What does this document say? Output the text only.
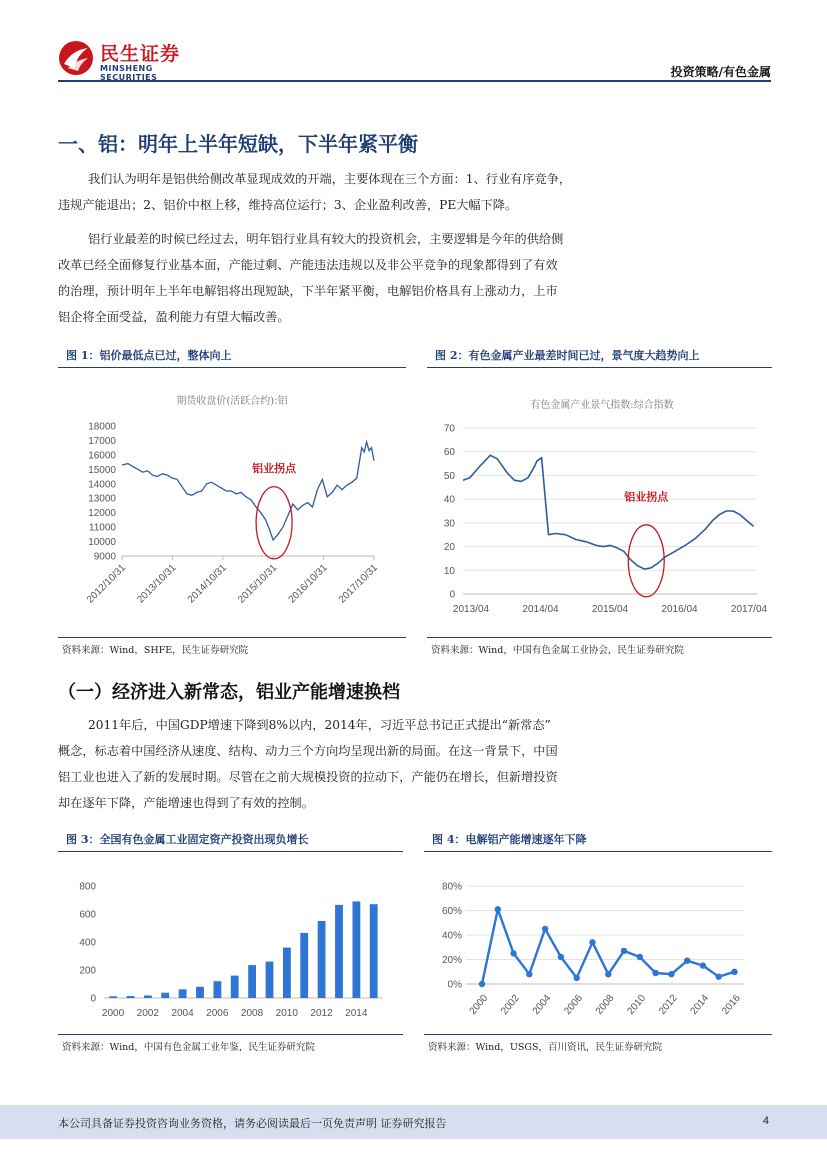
民生证券
MINSHENG SECURITIES	投资策略/有色金属
一、铝：明年上半年短缺，下半年紧平衡
我们认为明年是铝供给侧改革显现成效的开端，主要体现在三个方面：1、行业有序竞争，
违规产能退出；2、铝价中枢上移，维持高位运行；3、企业盈利改善，PE大幅下降。
铝行业最差的时候已经过去，明年铝行业具有较大的投资机会，主要逻辑是今年的供给侧
改革已经全面修复行业基本面，产能过剩、产能违法违规以及非公平竞争的现象都得到了有效
的治理，预计明年上半年电解铝将出现短缺，下半年紧平衡，电解铝价格具有上涨动力，上市
铝企将全面受益，盈利能力有望大幅改善。
图 1：铝价最低点已过，整体向上
期货收盘价(活跃合约):铝
9000
10000
11000
12000
13000
14000
15000
16000
17000
18000
2012/10/31 2013/10/31 2014/10/31 2015/10/31 2016/10/31 2017/10/31
铝业拐点
资料来源：Wind，SHFE，民生证券研究院
图 2：有色金属产业最差时间已过，景气度大趋势向上
有色金属产业景气指数:综合指数
0
10
20
30
40
50
60
70
2013/04	2014/04	2015/04	2016/04	2017/04
铝业拐点
资料来源：Wind，中国有色金属工业协会，民生证券研究院
（一）经济进入新常态，铝业产能增速换档
2011年后，中国GDP增速下降到8%以内，2014年，习近平总书记正式提出“新常态”
概念，标志着中国经济从速度、结构、动力三个方向均呈现出新的局面。在这一背景下，中国
铝工业也进入了新的发展时期。尽管在之前大规模投资的拉动下，产能仍在增长，但新增投资
却在逐年下降，产能增速也得到了有效的控制。
图 3：全国有色金属工业固定资产投资出现负增长
0
200
400
600
800
2000 2002 2004 2006 2008 2010 2012 2014
资料来源：Wind，中国有色金属工业年鉴，民生证券研究院
图 4：电解铝产能增速逐年下降
0%
20%
40%
60%
80%
2000 2002 2004 2006 2008 2010 2012 2014 2016
资料来源：Wind，USGS，百川资讯，民生证券研究院
本公司具备证券投资咨询业务资格，请务必阅读最后一页免责声明 证券研究报告	4
